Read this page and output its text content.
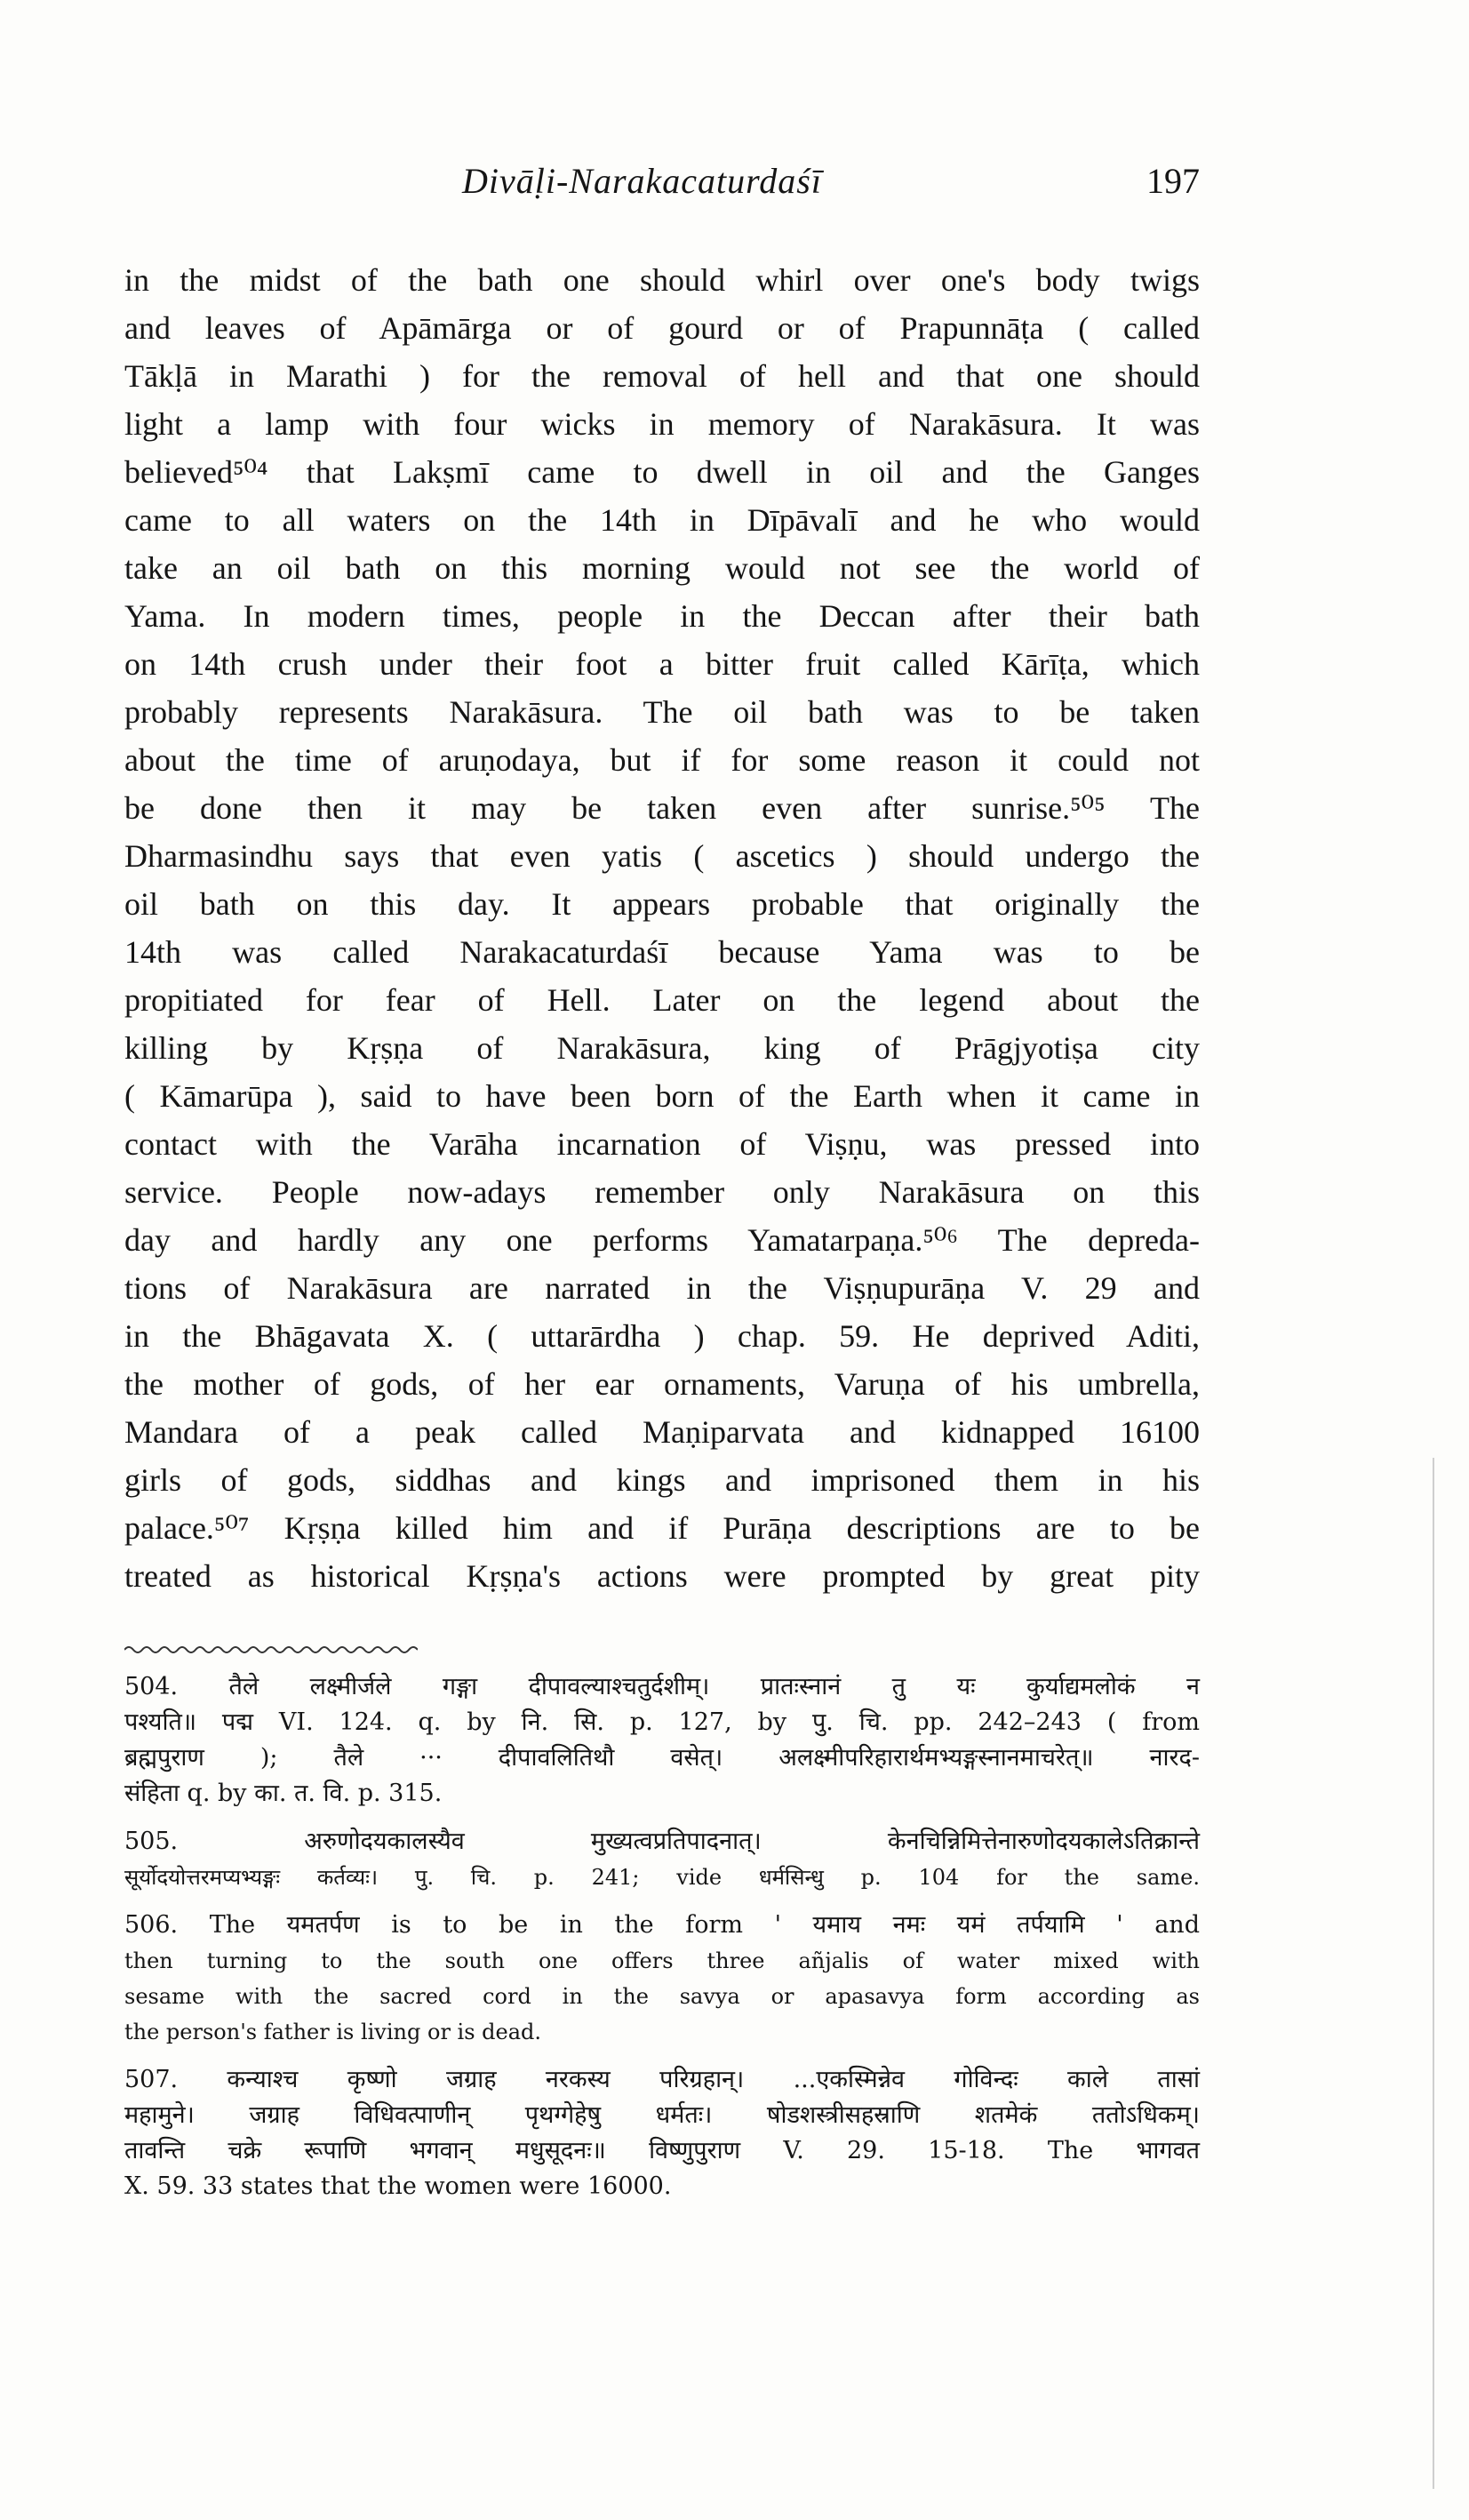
Divāḷi-Narakacaturdaśī	197
in the midst of the bath one should whirl over one's body twigs
and leaves of Apāmārga or of gourd or of Prapunnāṭa ( called
Tākḷā in Marathi ) for the removal of hell and that one should
light a lamp with four wicks in memory of Narakāsura. It was
believed⁵⁰⁴ that Lakṣmī came to dwell in oil and the Ganges
came to all waters on the 14th in Dīpāvalī and he who would
take an oil bath on this morning would not see the world of
Yama. In modern times, people in the Deccan after their bath
on 14th crush under their foot a bitter fruit called Kārīṭa, which
probably represents Narakāsura. The oil bath was to be taken
about the time of aruṇodaya, but if for some reason it could not
be done then it may be taken even after sunrise.⁵⁰⁵ The
Dharmasindhu says that even yatis ( ascetics ) should undergo the
oil bath on this day. It appears probable that originally the
14th was called Narakacaturdaśī because Yama was to be
propitiated for fear of Hell. Later on the legend about the
killing by Kṛṣṇa of Narakāsura, king of Prāgjyotiṣa city
( Kāmarūpa ), said to have been born of the Earth when it came in
contact with the Varāha incarnation of Viṣṇu, was pressed into
service. People now-adays remember only Narakāsura on this
day and hardly any one performs Yamatarpaṇa.⁵⁰⁶ The depreda-
tions of Narakāsura are narrated in the Viṣṇupurāṇa V. 29 and
in the Bhāgavata X. ( uttarārdha ) chap. 59. He deprived Aditi,
the mother of gods, of her ear ornaments, Varuṇa of his umbrella,
Mandara of a peak called Maṇiparvata and kidnapped 16100
girls of gods, siddhas and kings and imprisoned them in his
palace.⁵⁰⁷ Kṛṣṇa killed him and if Purāṇa descriptions are to be
treated as historical Kṛṣṇa's actions were prompted by great pity
504. तैले लक्ष्मीर्जले गङ्गा दीपावल्याश्चतुर्दशीम्। प्रातःस्नानं तु यः कुर्याद्यमलोकं न
पश्यति॥ पद्म VI. 124. q. by नि. सि. p. 127, by पु. चि. pp. 242–243 ( from
ब्रह्मपुराण ); तैले ··· दीपावलितिथौ वसेत्। अलक्ष्मीपरिहारार्थमभ्यङ्गस्नानमाचरेत्॥ नारद-
संहिता q. by का. त. वि. p. 315.
505. अरुणोदयकालस्यैव मुख्यत्वप्रतिपादनात्। केनचिन्निमित्तेनारुणोदयकालेऽतिक्रान्ते
सूर्योदयोत्तरमप्यभ्यङ्गः कर्तव्यः। पु. चि. p. 241; vide धर्मसिन्धु p. 104 for the same.
506. The यमतर्पण is to be in the form ' यमाय नमः यमं तर्पयामि ' and
then turning to the south one offers three añjalis of water mixed with
sesame with the sacred cord in the savya or apasavya form according as
the person's father is living or is dead.
507. कन्याश्च कृष्णो जग्राह नरकस्य परिग्रहान्। ...एकस्मिन्नेव गोविन्दः काले तासां
महामुने। जग्राह विधिवत्पाणीन् पृथग्गेहेषु धर्मतः। षोडशस्त्रीसहस्राणि शतमेकं ततोऽधिकम्।
तावन्ति चक्रे रूपाणि भगवान् मधुसूदनः॥ विष्णुपुराण V. 29. 15-18. The भागवत
X. 59. 33 states that the women were 16000.
